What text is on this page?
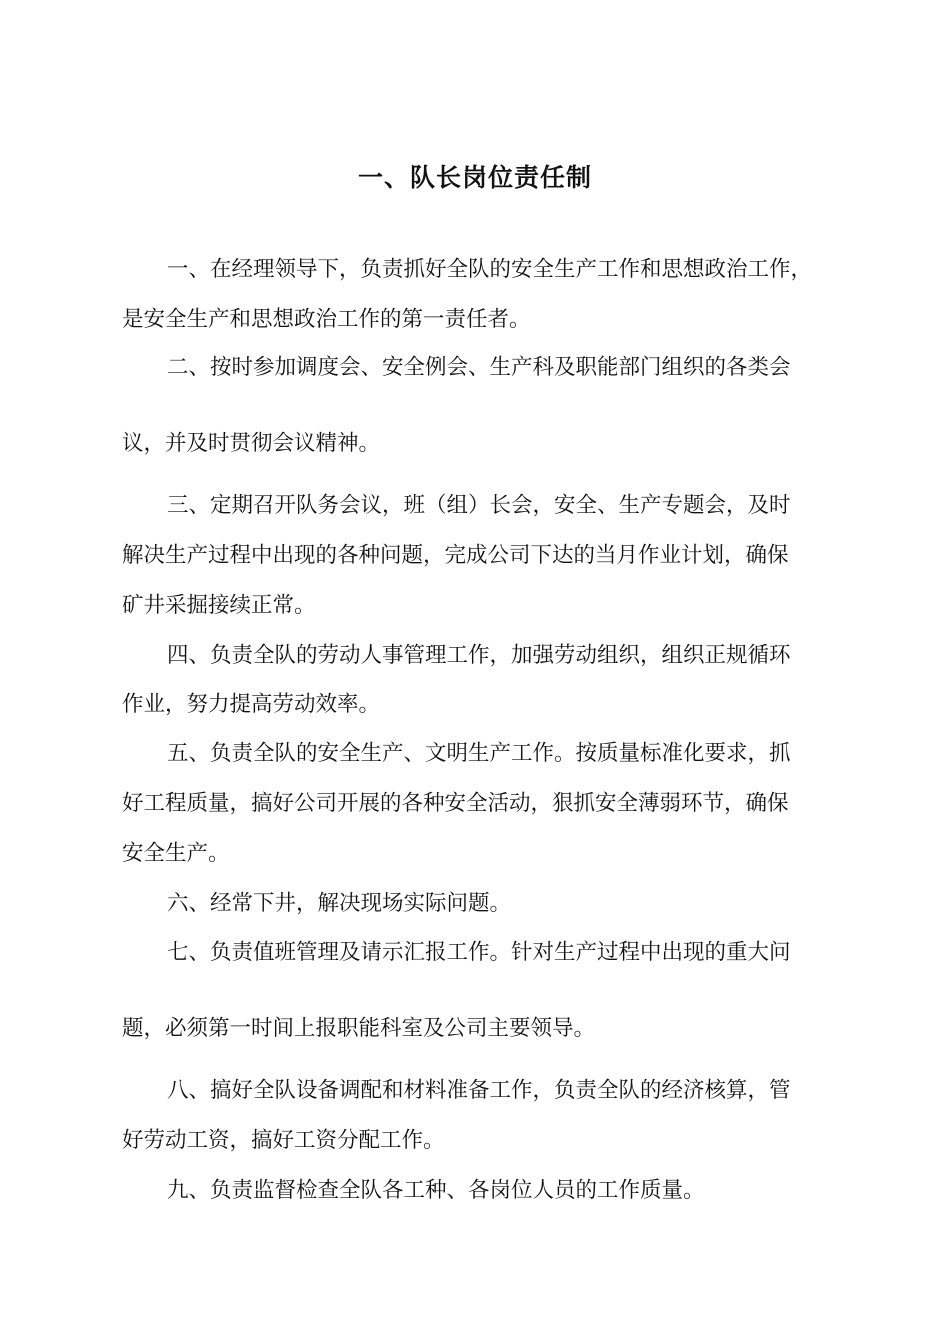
一、队长岗位责任制
一、在经理领导下，负责抓好全队的安全生产工作和思想政治工作，
是安全生产和思想政治工作的第一责任者。
二、按时参加调度会、安全例会、生产科及职能部门组织的各类会
议，并及时贯彻会议精神。
三、定期召开队务会议，班（组）长会，安全、生产专题会，及时
解决生产过程中出现的各种问题，完成公司下达的当月作业计划，确保
矿井采掘接续正常。
四、负责全队的劳动人事管理工作，加强劳动组织，组织正规循环
作业，努力提高劳动效率。
五、负责全队的安全生产、文明生产工作。按质量标准化要求，抓
好工程质量，搞好公司开展的各种安全活动，狠抓安全薄弱环节，确保
安全生产。
六、经常下井，解决现场实际问题。
七、负责值班管理及请示汇报工作。针对生产过程中出现的重大问
题，必须第一时间上报职能科室及公司主要领导。
八、搞好全队设备调配和材料准备工作，负责全队的经济核算，管
好劳动工资，搞好工资分配工作。
九、负责监督检查全队各工种、各岗位人员的工作质量。
